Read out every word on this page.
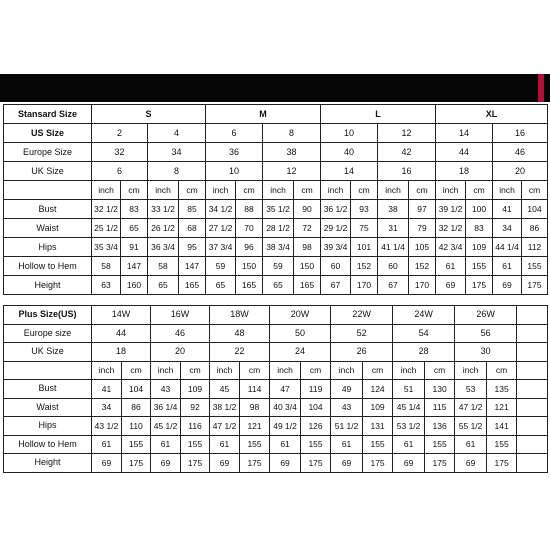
Stansard Size	S				M				L				XL			
US Size	2		4		6		8		10		12		14		16	
Europe Size	32		34		36		38		40		42		44		46	
UK Size	6		8		10		12		14		16		18		20	
	inch	cm	inch	cm	inch	cm	inch	cm	inch	cm	inch	cm	inch	cm	inch	cm
Bust	32 1/2	83	33 1/2	85	34 1/2	88	35 1/2	90	36 1/2	93	38	97	39 1/2	100	41	104
Waist	25 1/2	65	26 1/2	68	27 1/2	70	28 1/2	72	29 1/2	75	31	79	32 1/2	83	34	86
Hips	35 3/4	91	36 3/4	95	37 3/4	96	38 3/4	98	39 3/4	101	41 1/4	105	42 3/4	109	44 1/4	112
Hollow to Hem	58	147	58	147	59	150	59	150	60	152	60	152	61	155	61	155
Height	63	160	65	165	65	165	65	165	67	170	67	170	69	175	69	175
Plus Size(US)	14W		16W		18W		20W		22W		24W		26W		
Europe size	44		46		48		50		52		54		56		
UK Size	18		20		22		24		26		28		30		
	inch	cm	inch	cm	inch	cm	inch	cm	inch	cm	inch	cm	inch	cm	
Bust	41	104	43	109	45	114	47	119	49	124	51	130	53	135	
Waist	34	86	36 1/4	92	38 1/2	98	40 3/4	104	43	109	45 1/4	115	47 1/2	121	
Hips	43 1/2	110	45 1/2	116	47 1/2	121	49 1/2	126	51 1/2	131	53 1/2	136	55 1/2	141	
Hollow to Hem	61	155	61	155	61	155	61	155	61	155	61	155	61	155	
Height	69	175	69	175	69	175	69	175	69	175	69	175	69	175	
